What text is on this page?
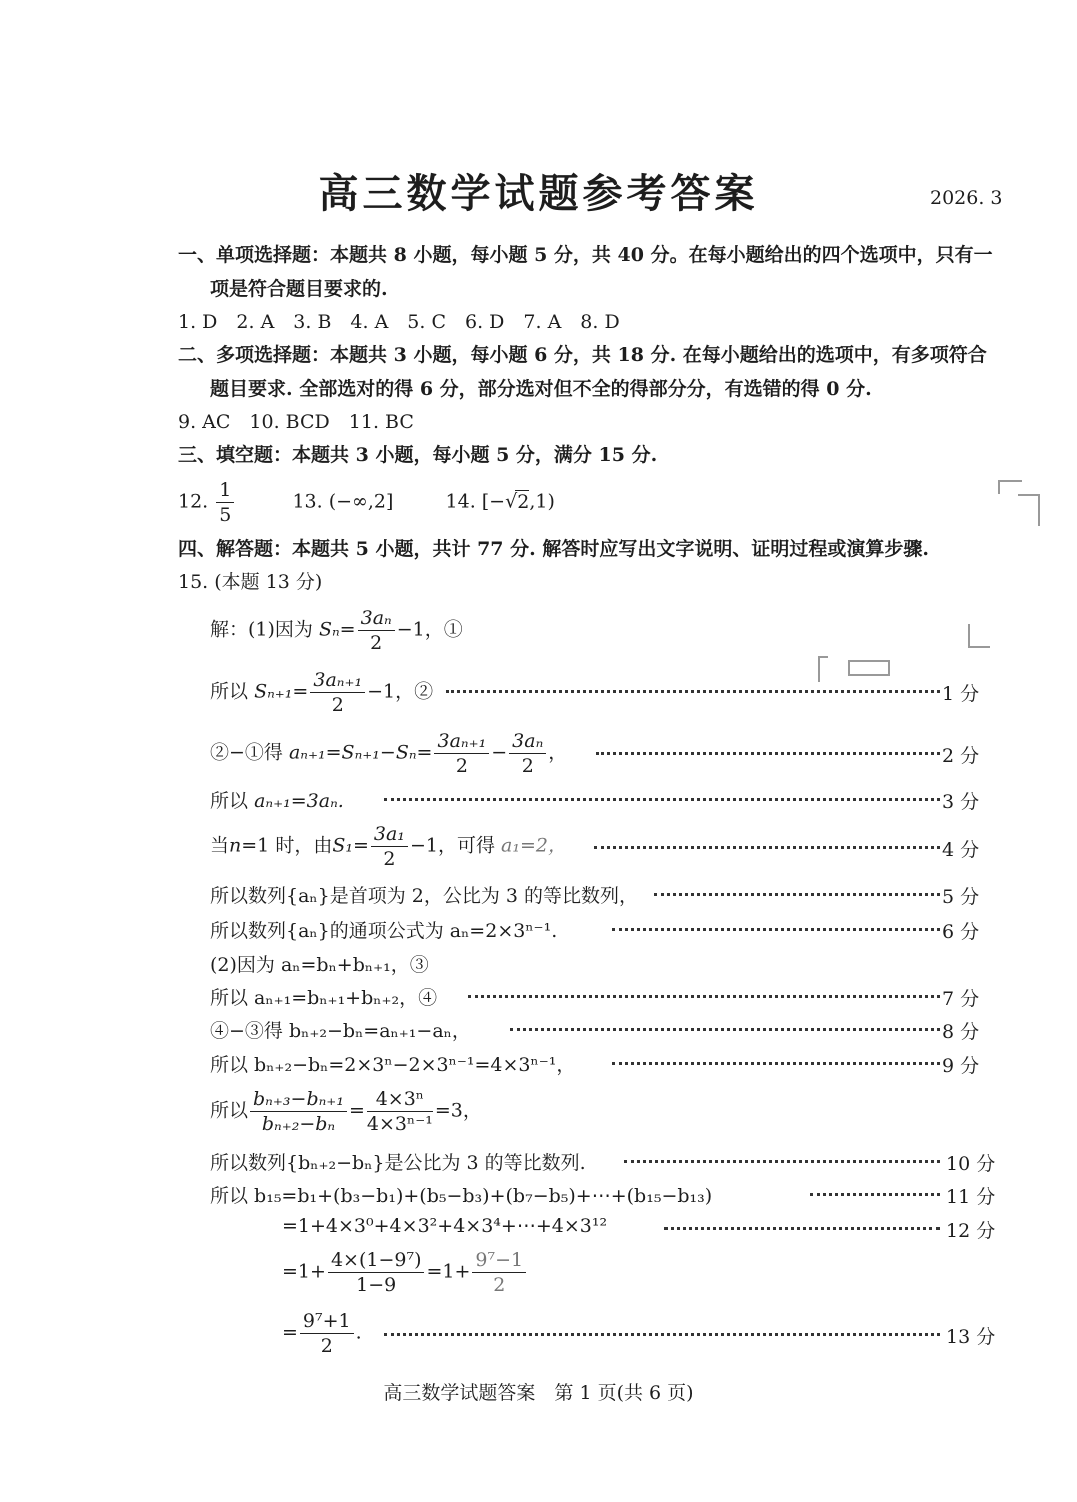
高三数学试题参考答案	2026. 3
一、单项选择题：本题共 8 小题，每小题 5 分，共 40 分。在每小题给出的四个选项中，只有一
项是符合题目要求的.
1. D　2. A　3. B　4. A　5. C　6. D　7. A　8. D
二、多项选择题：本题共 3 小题，每小题 6 分，共 18 分. 在每小题给出的选项中，有多项符合
题目要求. 全部选对的得 6 分，部分选对但不全的得部分分，有选错的得 0 分.
9. AC　10. BCD　11. BC
三、填空题：本题共 3 小题，每小题 5 分，满分 15 分.
12. $\frac{1}{5}$	13. (−∞,2]	14. [−√2,1)
四、解答题：本题共 5 小题，共计 77 分. 解答时应写出文字说明、证明过程或演算步骤.
15. (本题 13 分)
解：(1)因为 $S_n= \frac{\text{3aₙ}}{2} -1$，①
所以 $S_{n+1}= \frac{\text{3aₙ₊₁}}{2} -1$，②	1 分
②−①得 $a_{n+1}=S_{n+1}-S_n= \frac{\text{3aₙ₊₁}}{2} - \frac{\text{3aₙ}}{2}$ ，	2 分
所以 aₙ₊₁=3aₙ.	3 分
当n=1 时，由$S_1= \frac{\text{3a₁}}{2} -1$，可得 a₁=2，	4 分
所以数列{aₙ}是首项为 2，公比为 3 的等比数列，	5 分
所以数列{aₙ}的通项公式为 aₙ=2×3ⁿ⁻¹.	6 分
(2)因为 aₙ=bₙ+bₙ₊₁，③
所以 aₙ₊₁=bₙ₊₁+bₙ₊₂，④	7 分
④−③得 bₙ₊₂−bₙ=aₙ₊₁−aₙ，	8 分
所以 bₙ₊₂−bₙ=2×3ⁿ−2×3ⁿ⁻¹=4×3ⁿ⁻¹，	9 分
所以 $\frac{\text{bₙ₊₃−bₙ₊₁}}{\text{bₙ₊₂−bₙ}} = \frac{\text{4×3ⁿ}}{\text{4×3ⁿ⁻¹}} =3$，
所以数列{bₙ₊₂−bₙ}是公比为 3 的等比数列.	10 分
所以 b₁₅=b₁+(b₃−b₁)+(b₅−b₃)+(b₇−b₅)+⋯+(b₁₅−b₁₃)	11 分
=1+4×3⁰+4×3²+4×3⁴+⋯+4×3¹²	12 分
$=1+ \frac{\text{4×(1−9⁷)}}{1-9} =1+ \frac{\text{9⁷−1}}{2}$
= $\frac{\text{9⁷+1}}{2}$ .	13 分
高三数学试题答案　第 1 页(共 6 页)
